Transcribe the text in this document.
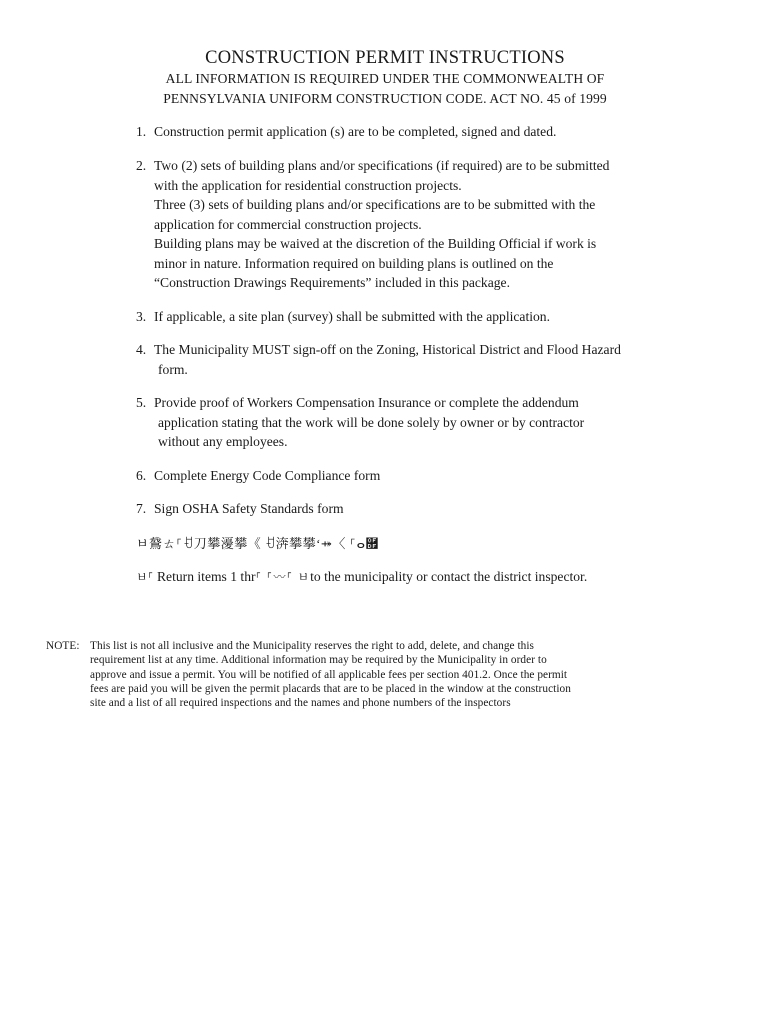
CONSTRUCTION PERMIT INSTRUCTIONS

ALL INFORMATION IS REQUIRED UNDER THE COMMONWEALTH OF

PENNSYLVANIA UNIFORM CONSTRUCTION CODE. ACT NO. 45 of 1999

1. Construction permit application (s) are to be completed, signed and dated.

2. Two (2) sets of building plans and/or specifications (if required) are to be submitted

with the application for residential construction projects.

Three (3) sets of building plans and/or specifications are to be submitted with the

application for commercial construction projects.

Building plans may be waived at the discretion of the Building Official if work is

minor in nature. Information required on building plans is outlined on the

“Construction Drawings Requirements” included in this package.

3. If applicable, a site plan (survey) shall be submitted with the application.

4. The Municipality MUST sign-off on the Zoning, Historical District and Flood Hazard

form.

5. Provide proof of Workers Compensation Insurance or complete the addendum

application stating that the work will be done solely by owner or by contractor

without any employees.

6. Complete Energy Code Compliance form

7. Sign OSHA Safety Standards form

ㅂ䳣ㄊ⸀ꀀ刀攀瀀攀《 ꀀ渀攀攀‘⤀〈 ⸀ⴰ࿟
ㅂ⸀ Return items 1 thr⸀ ⸀〰⸀ ㅂto the municipality or contact the district inspector.
NOTE: This list is not all inclusive and the Municipality reserves the right to add, delete, and change this

requirement list at any time. Additional information may be required by the Municipality in order to

approve and issue a permit. You will be notified of all applicable fees per section 401.2. Once the permit

fees are paid you will be given the permit placards that are to be placed in the window at the construction

site and a list of all required inspections and the names and phone numbers of the inspectors
